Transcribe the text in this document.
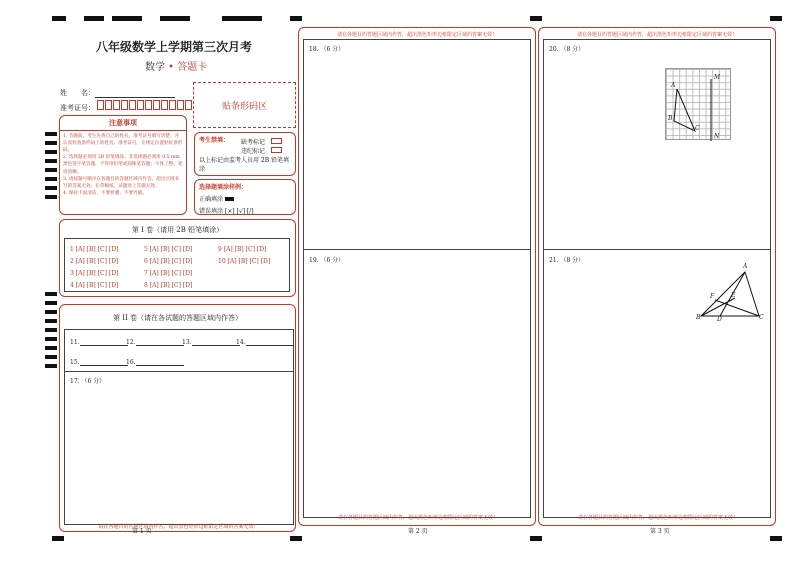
八年级数学上学期第三次月考
数学 • 答题卡
姓　　名：
准考证号：	贴条形码区
注意事项
1. 答题前，考生先将自己的姓名，准考证号填写清楚，并认真检查条形码上的姓名、准考证号，在规定位置贴好条形码。
2. 选择题必须用 2B 铅笔填涂；非选择题必须用 0.5 mm 黑色签字笔答题，不得用铅笔或圆珠笔答题；字体工整、笔迹清晰。
3. 请按题号顺序在各题目的答题区域内作答，超出区域书写的答案无效；在草稿纸、试题卷上答题无效。
4. 保持卡面清洁，不要折叠、不要弄破。
考生禁填：	缺考标记
违纪标记
以上标记由监考人员用 2B 铅笔填涂
选择题填涂样例：
正确填涂
错误填涂 [×] [√] [/]
第 I 卷（请用 2B 铅笔填涂）
1 [A] [B] [C] [D]
2 [A] [B] [C] [D]
3 [A] [B] [C] [D]
4 [A] [B] [C] [D]
5 [A] [B] [C] [D]
6 [A] [B] [C] [D]
7 [A] [B] [C] [D]
8 [A] [B] [C] [D]
9 [A] [B] [C] [D]
10 [A] [B] [C] [D]
第 II 卷（请在各试题的答题区域内作答）
11.	12.	13.	14.
15.	16.
17. （6 分）
请在各题目的答题区域内作答，超出黑色矩形边框限定区域的答案无效！
第 1 页
请在各题目的答题区域内作答，超出黑色矩形边框限定区域的答案无效！
18. （6 分）
19. （6 分）
请在各题目的答题区域内作答，超出黑色矩形边框限定区域的答案无效！
第 2 页
请在各题目的答题区域内作答，超出黑色矩形边框限定区域的答案无效！
20. （8 分）
A
B
C
M
N
21. （8 分）
A
B	C
D
E
F
请在各题目的答题区域内作答，超出黑色矩形边框限定区域的答案无效！
第 3 页
